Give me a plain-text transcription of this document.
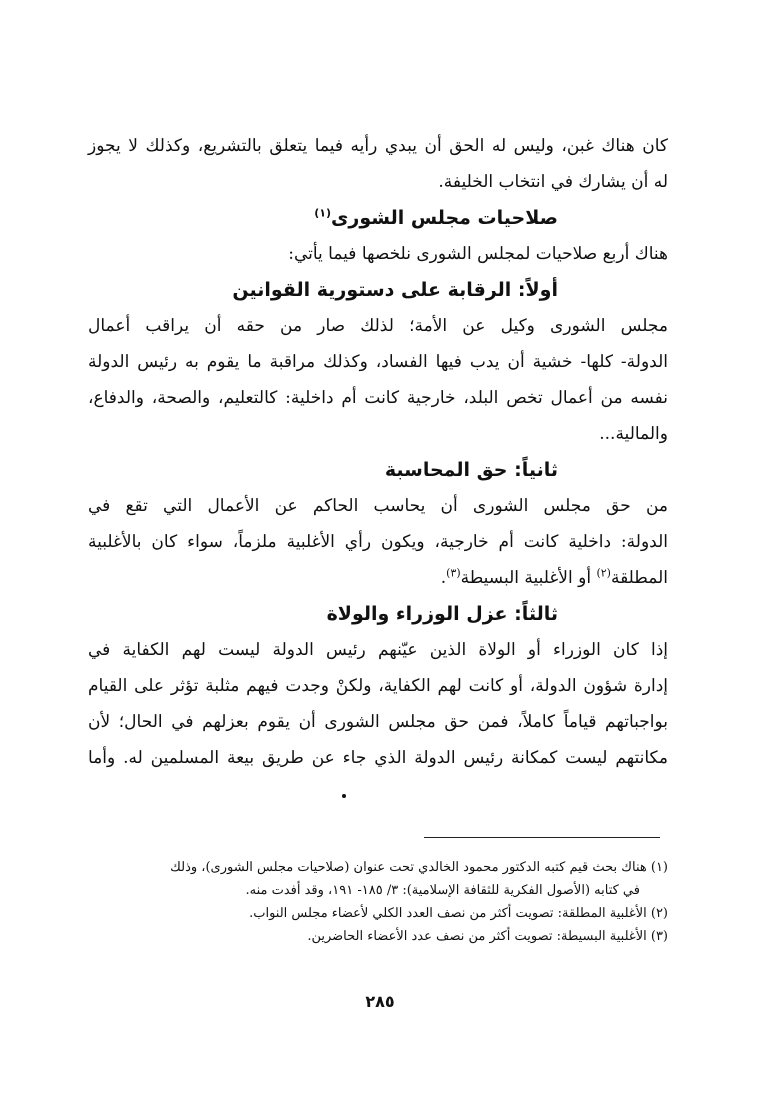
كان هناك غبن، وليس له الحق أن يبدي رأيه فيما يتعلق بالتشريع، وكذلك لا يجوز
له أن يشارك في انتخاب الخليفة.
صلاحيات مجلس الشورى$^{(١)}$
هناك أربع صلاحيات لمجلس الشورى نلخصها فيما يأتي:
أولاً: الرقابة على دستورية القوانين
مجلس الشورى وكيل عن الأمة؛ لذلك صار من حقه أن يراقب أعمال
الدولة- كلها- خشية أن يدب فيها الفساد، وكذلك مراقبة ما يقوم به رئيس الدولة
نفسه من أعمال تخص البلد، خارجية كانت أم داخلية: كالتعليم، والصحة، والدفاع،
والمالية...
ثانياً: حق المحاسبة
من حق مجلس الشورى أن يحاسب الحاكم عن الأعمال التي تقع في
الدولة: داخلية كانت أم خارجية، ويكون رأي الأغلبية ملزماً، سواء كان بالأغلبية
المطلقة$^{(٢)}$ أو الأغلبية البسيطة$^{(٣)}$.
ثالثاً: عزل الوزراء والولاة
إذا كان الوزراء أو الولاة الذين عيّنهم رئيس الدولة ليست لهم الكفاية في
إدارة شؤون الدولة، أو كانت لهم الكفاية، ولكنْ وجدت فيهم مثلبة تؤثر على القيام
بواجباتهم قياماً كاملاً، فمن حق مجلس الشورى أن يقوم بعزلهم في الحال؛ لأن
مكانتهم ليست كمكانة رئيس الدولة الذي جاء عن طريق بيعة المسلمين له. وأما
(١) هناك بحث قيم كتبه الدكتور محمود الخالدي تحت عنوان (صلاحيات مجلس الشورى)، وذلك
في كتابه (الأصول الفكرية للثقافة الإسلامية): ٣/ ١٨٥- ١٩١، وقد أفدت منه.
(٢) الأغلبية المطلقة: تصويت أكثر من نصف العدد الكلي لأعضاء مجلس النواب.
(٣) الأغلبية البسيطة: تصويت أكثر من نصف عدد الأعضاء الحاضرين.
٢٨٥
